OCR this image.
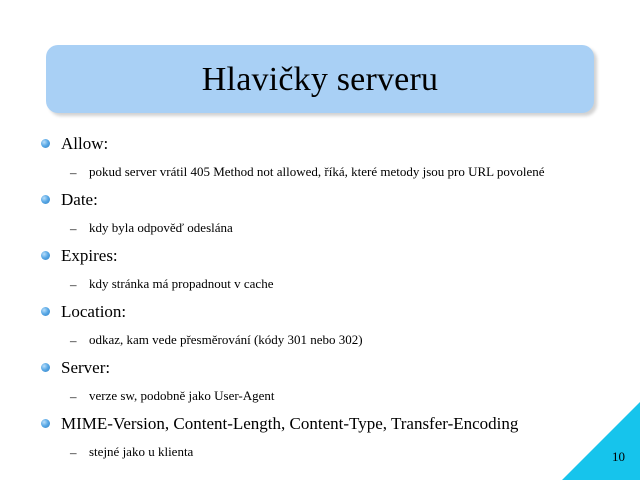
Hlavičky serveru
Allow:
– pokud server vrátil 405 Method not allowed, říká, které metody jsou pro URL povolené
Date:
– kdy byla odpověď odeslána
Expires:
– kdy stránka má propadnout v cache
Location:
– odkaz, kam vede přesměrování (kódy 301 nebo 302)
Server:
– verze sw, podobně jako User-Agent
MIME-Version, Content-Length, Content-Type, Transfer-Encoding
– stejné jako u klienta	10
